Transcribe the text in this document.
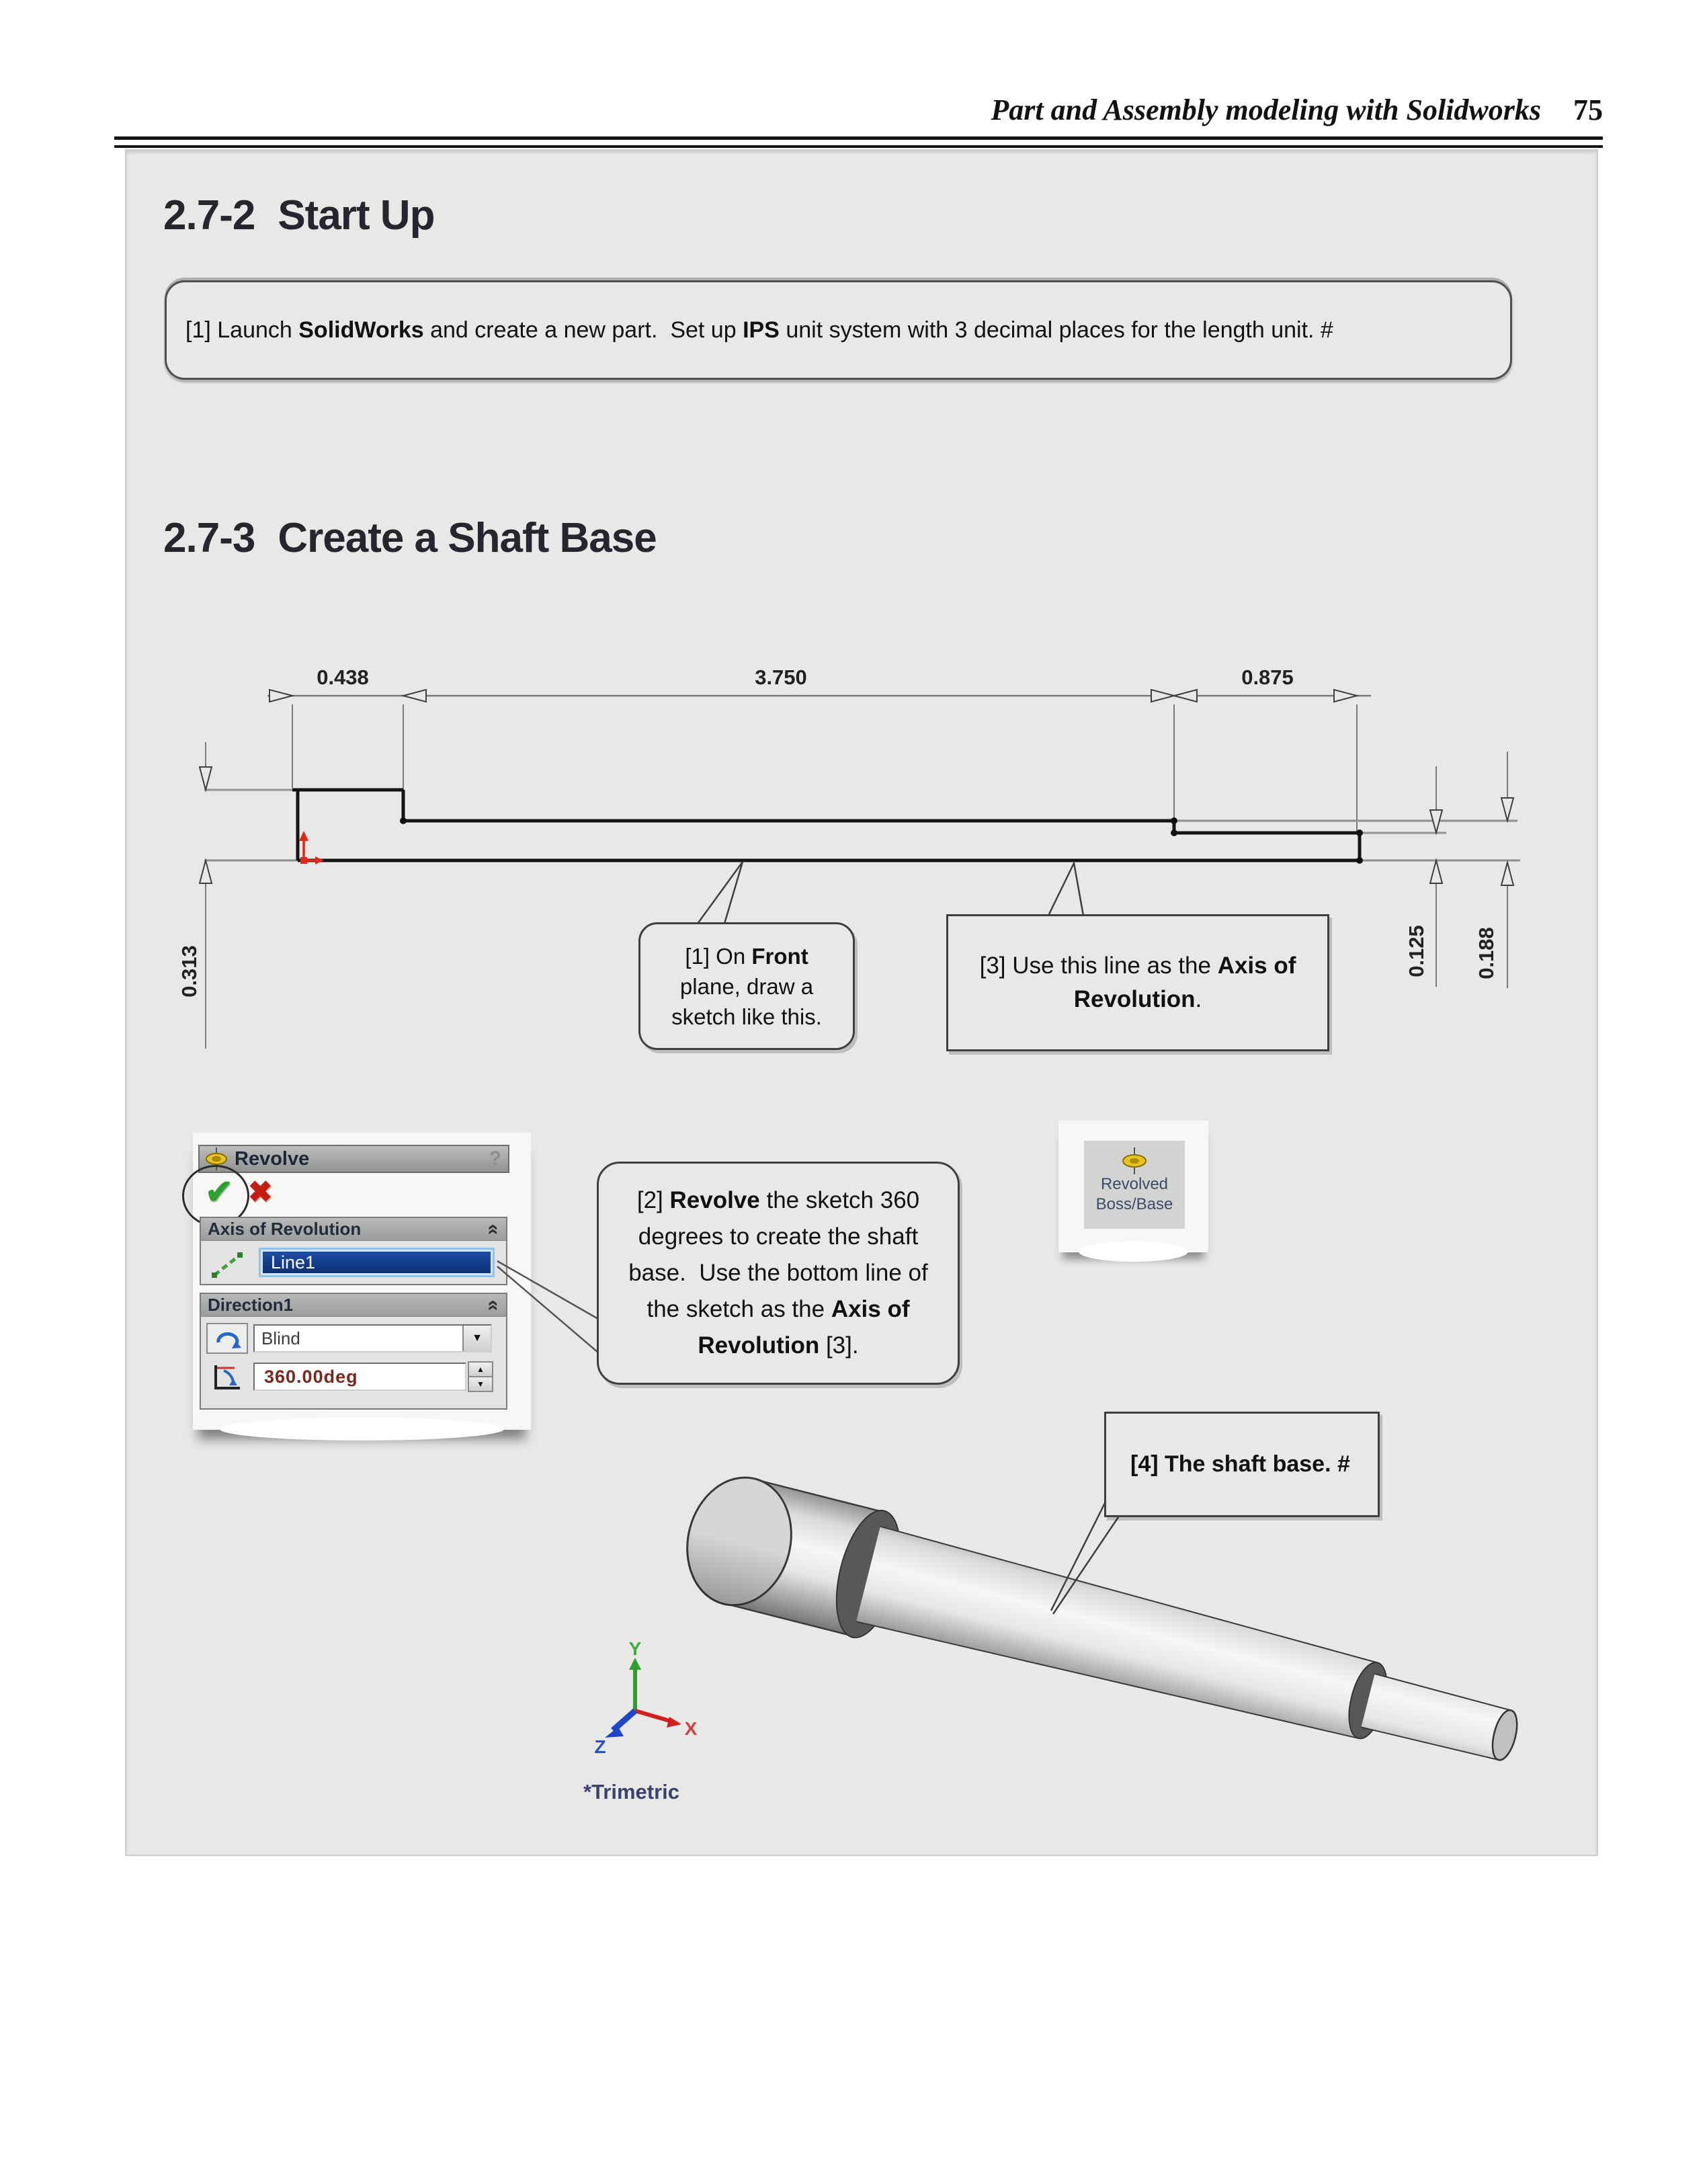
Part and Assembly modeling with Solidworks 75
2.7-2 Start Up
[1] Launch SolidWorks and create a new part.  Set up IPS unit system with 3 decimal places for the length unit. #
2.7-3 Create a Shaft Base
Revolve	?
✔ ✖
Axis of Revolution	«
Line1
Direction1	«
Blind	▼
360.00deg	▲
▼
Revolved
Boss/Base
0.438	3.750	0.875
0.313	0.125 0.188
Y
X
Z
[1] On Front
plane, draw a
sketch like this.
[3] Use this line as the Axis of
Revolution.
[2] Revolve the sketch 360
degrees to create the shaft
base.  Use the bottom line of
the sketch as the Axis of
Revolution [3].
[4] The shaft base. #
*Trimetric
